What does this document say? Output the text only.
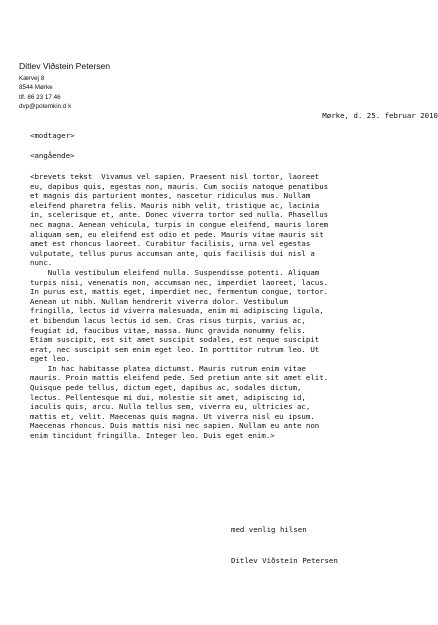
Ditlev Viðstein Petersen
Kærvej 8
8544 Mørke
tlf. 86 23 17 46
dvp@potemkin.d k
Mørke, d. 25. februar 2010
<modtager>
<angående>
<brevets tekst  Vivamus vel sapien. Praesent nisl tortor, laoreet
eu, dapibus quis, egestas non, mauris. Cum sociis natoque penatibus
et magnis dis parturient montes, nascetur ridiculus mus. Nullam
eleifend pharetra felis. Mauris nibh velit, tristique ac, lacinia
in, scelerisque et, ante. Donec viverra tortor sed nulla. Phasellus
nec magna. Aenean vehicula, turpis in congue eleifend, mauris lorem
aliquam sem, eu eleifend est odio et pede. Mauris vitae mauris sit
amet est rhoncus laoreet. Curabitur facilisis, urna vel egestas
vulputate, tellus purus accumsan ante, quis facilisis dui nisl a
nunc.
Nulla vestibulum eleifend nulla. Suspendisse potenti. Aliquam
turpis nisi, venenatis non, accumsan nec, imperdiet laoreet, lacus.
In purus est, mattis eget, imperdiet nec, fermentum congue, tortor.
Aenean ut nibh. Nullam hendrerit viverra dolor. Vestibulum
fringilla, lectus id viverra malesuada, enim mi adipiscing ligula,
et bibendum lacus lectus id sem. Cras risus turpis, varius ac,
feugiat id, faucibus vitae, massa. Nunc gravida nonummy felis.
Etiam suscipit, est sit amet suscipit sodales, est neque suscipit
erat, nec suscipit sem enim eget leo. In porttitor rutrum leo. Ut
eget leo.
In hac habitasse platea dictumst. Mauris rutrum enim vitae
mauris. Proin mattis eleifend pede. Sed pretium ante sit amet elit.
Quisque pede tellus, dictum eget, dapibus ac, sodales dictum,
lectus. Pellentesque mi dui, molestie sit amet, adipiscing id,
iaculis quis, arcu. Nulla tellus sem, viverra eu, ultricies ac,
mattis et, velit. Maecenas quis magna. Ut viverra nisl eu ipsum.
Maecenas rhoncus. Duis mattis nisi nec sapien. Nullam eu ante non
enim tincidunt fringilla. Integer leo. Duis eget enim.>
med venlig hilsen
Ditlev Viðstein Petersen
